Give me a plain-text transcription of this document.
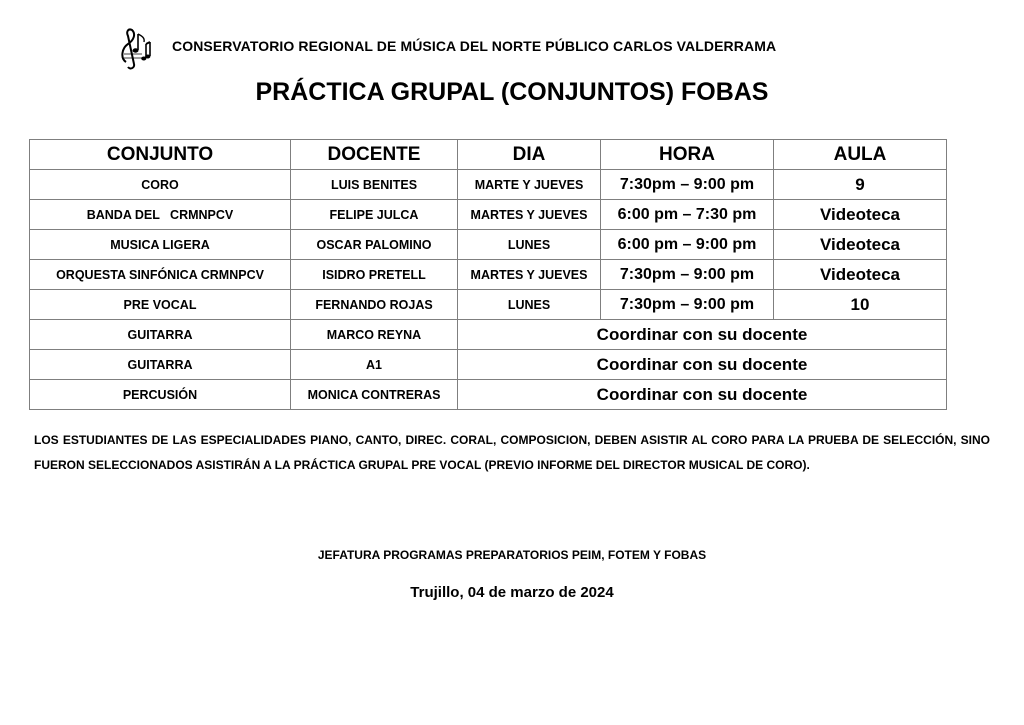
CONSERVATORIO REGIONAL DE MÚSICA DEL NORTE PÚBLICO CARLOS VALDERRAMA
PRÁCTICA GRUPAL (CONJUNTOS) FOBAS
CONJUNTO	DOCENTE	DIA	HORA	AULA
CORO	LUIS BENITES	MARTE Y JUEVES	7:30pm – 9:00 pm	9
BANDA DEL   CRMNPCV	FELIPE JULCA	MARTES Y JUEVES	6:00 pm – 7:30 pm	Videoteca
MUSICA LIGERA	OSCAR PALOMINO	LUNES	6:00 pm – 9:00 pm	Videoteca
ORQUESTA SINFÓNICA CRMNPCV	ISIDRO PRETELL	MARTES Y JUEVES	7:30pm – 9:00 pm	Videoteca
PRE VOCAL	FERNANDO ROJAS	LUNES	7:30pm – 9:00 pm	10
GUITARRA	MARCO REYNA	Coordinar con su docente		
GUITARRA	A1	Coordinar con su docente		
PERCUSIÓN	MONICA CONTRERAS	Coordinar con su docente		
LOS ESTUDIANTES DE LAS ESPECIALIDADES PIANO, CANTO, DIREC. CORAL, COMPOSICION, DEBEN ASISTIR AL CORO PARA LA PRUEBA DE SELECCIÓN, SINO FUERON SELECCIONADOS ASISTIRÁN A LA PRÁCTICA GRUPAL PRE VOCAL (PREVIO INFORME DEL DIRECTOR MUSICAL DE CORO).
JEFATURA PROGRAMAS PREPARATORIOS PEIM, FOTEM Y FOBAS
Trujillo, 04 de marzo de 2024
